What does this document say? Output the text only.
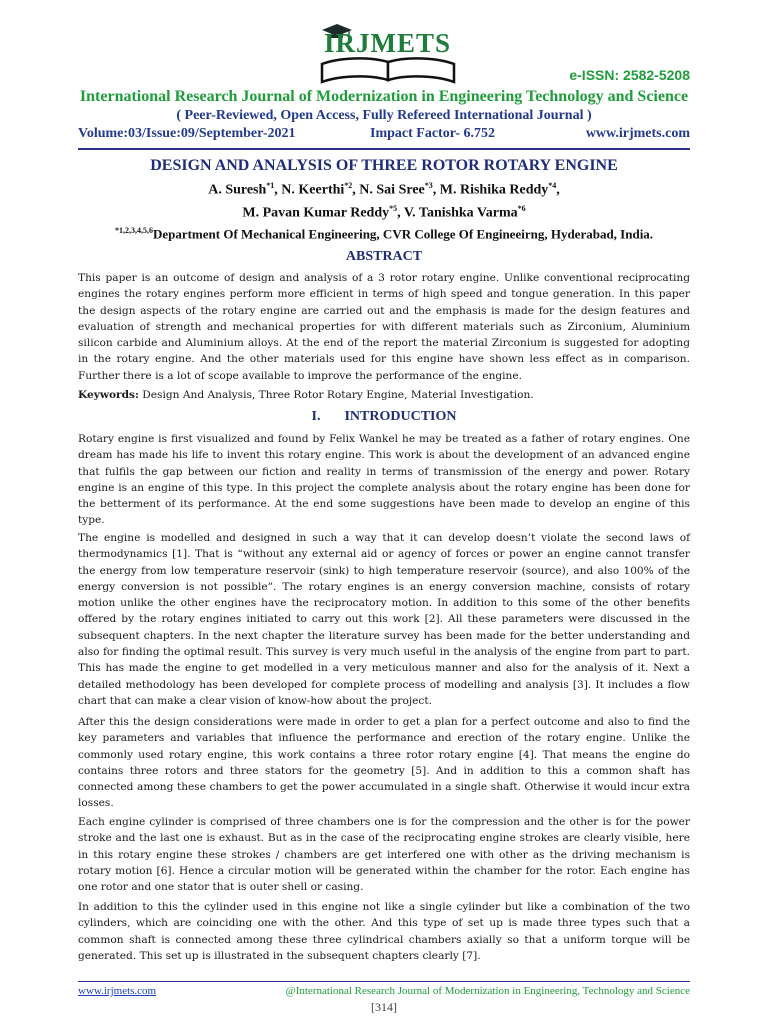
IRJMETS
e-ISSN: 2582-5208
International Research Journal of Modernization in Engineering Technology and Science
( Peer-Reviewed, Open Access, Fully Refereed International Journal )
Volume:03/Issue:09/September-2021	Impact Factor- 6.752	www.irjmets.com
DESIGN AND ANALYSIS OF THREE ROTOR ROTARY ENGINE
A. Suresh$^{*1}$, N. Keerthi$^{*2}$, N. Sai Sree$^{*3}$, M. Rishika Reddy$^{*4}$,
M. Pavan Kumar Reddy$^{*5}$, V. Tanishka Varma$^{*6}$
$^{*1,2,3,4,5,6}$Department Of Mechanical Engineering, CVR College Of Engineeirng, Hyderabad, India.
ABSTRACT

This paper is an outcome of design and analysis of a 3 rotor rotary engine. Unlike conventional reciprocating engines the rotary engines perform more efficient in terms of high speed and tongue generation. In this paper the design aspects of the rotary engine are carried out and the emphasis is made for the design features and evaluation of strength and mechanical properties for with different materials such as Zirconium, Aluminium silicon carbide and Aluminium alloys. At the end of the report the material Zirconium is suggested for adopting in the rotary engine. And the other materials used for this engine have shown less effect as in comparison. Further there is a lot of scope available to improve the performance of the engine.

Keywords: Design And Analysis, Three Rotor Rotary Engine, Material Investigation.

I. INTRODUCTION

Rotary engine is first visualized and found by Felix Wankel he may be treated as a father of rotary engines. One dream has made his life to invent this rotary engine. This work is about the development of an advanced engine that fulfils the gap between our fiction and reality in terms of transmission of the energy and power. Rotary engine is an engine of this type. In this project the complete analysis about the rotary engine has been done for the betterment of its performance. At the end some suggestions have been made to develop an engine of this type.

The engine is modelled and designed in such a way that it can develop doesn’t violate the second laws of thermodynamics [1]. That is “without any external aid or agency of forces or power an engine cannot transfer the energy from low temperature reservoir (sink) to high temperature reservoir (source), and also 100% of the energy conversion is not possible”. The rotary engines is an energy conversion machine, consists of rotary motion unlike the other engines have the reciprocatory motion. In addition to this some of the other benefits offered by the rotary engines initiated to carry out this work [2]. All these parameters were discussed in the subsequent chapters. In the next chapter the literature survey has been made for the better understanding and also for finding the optimal result. This survey is very much useful in the analysis of the engine from part to part. This has made the engine to get modelled in a very meticulous manner and also for the analysis of it. Next a detailed methodology has been developed for complete process of modelling and analysis [3]. It includes a flow chart that can make a clear vision of know-how about the project.

After this the design considerations were made in order to get a plan for a perfect outcome and also to find the key parameters and variables that influence the performance and erection of the rotary engine. Unlike the commonly used rotary engine, this work contains a three rotor rotary engine [4]. That means the engine do contains three rotors and three stators for the geometry [5]. And in addition to this a common shaft has connected among these chambers to get the power accumulated in a single shaft. Otherwise it would incur extra losses.

Each engine cylinder is comprised of three chambers one is for the compression and the other is for the power stroke and the last one is exhaust. But as in the case of the reciprocating engine strokes are clearly visible, here in this rotary engine these strokes / chambers are get interfered one with other as the driving mechanism is rotary motion [6]. Hence a circular motion will be generated within the chamber for the rotor. Each engine has one rotor and one stator that is outer shell or casing.

In addition to this the cylinder used in this engine not like a single cylinder but like a combination of the two cylinders, which are coinciding one with the other. And this type of set up is made three types such that a common shaft is connected among these three cylindrical chambers axially so that a uniform torque will be generated. This set up is illustrated in the subsequent chapters clearly [7].

www.irjmets.com	@International Research Journal of Modernization in Engineering, Technology and Science
[314]
